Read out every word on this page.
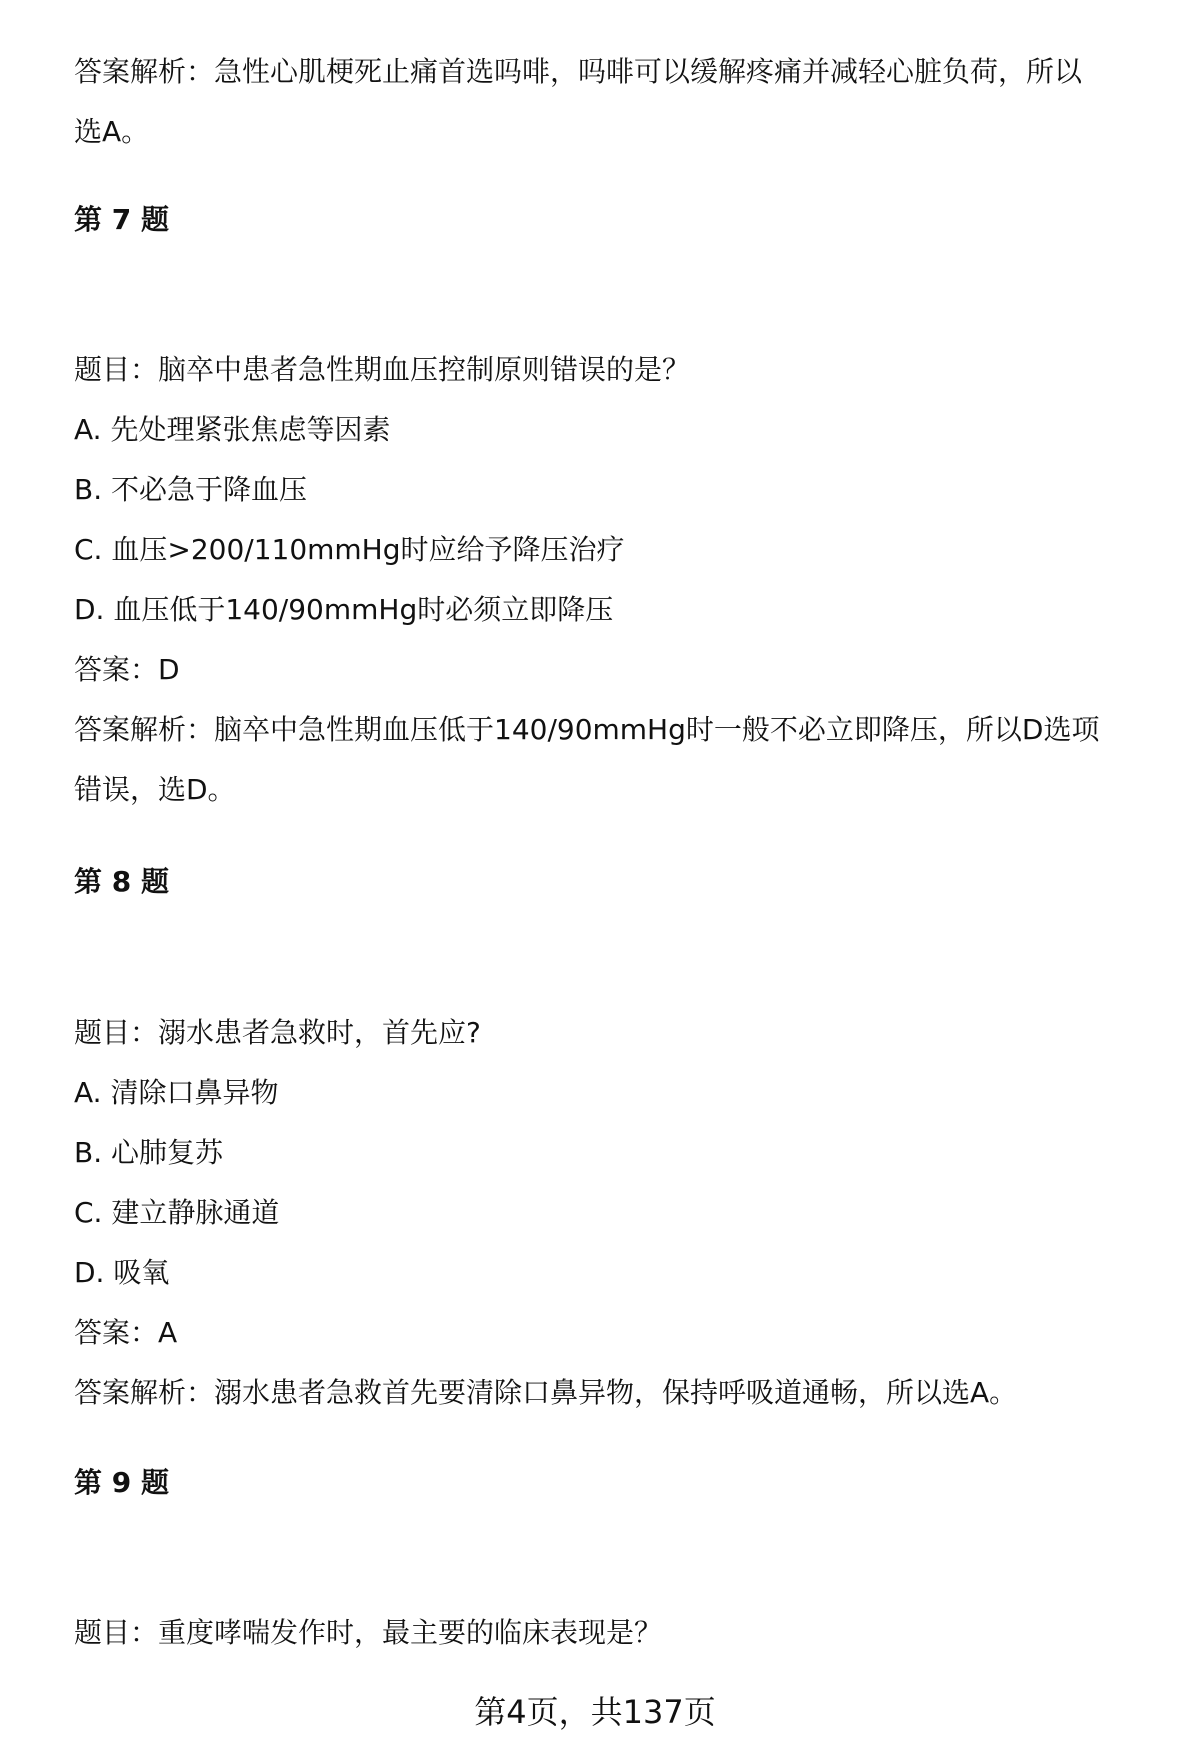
答案解析：急性心肌梗死止痛首选吗啡，吗啡可以缓解疼痛并减轻心脏负荷，所以
选A。
第 7 题
题目：脑卒中患者急性期血压控制原则错误的是？
A. 先处理紧张焦虑等因素
B. 不必急于降血压
C. 血压>200/110mmHg时应给予降压治疗
D. 血压低于140/90mmHg时必须立即降压
答案：D
答案解析：脑卒中急性期血压低于140/90mmHg时一般不必立即降压，所以D选项
错误，选D。
第 8 题
题目：溺水患者急救时，首先应?
A. 清除口鼻异物
B. 心肺复苏
C. 建立静脉通道
D. 吸氧
答案：A
答案解析：溺水患者急救首先要清除口鼻异物，保持呼吸道通畅，所以选A。
第 9 题
题目：重度哮喘发作时，最主要的临床表现是？
第4页，共137页
